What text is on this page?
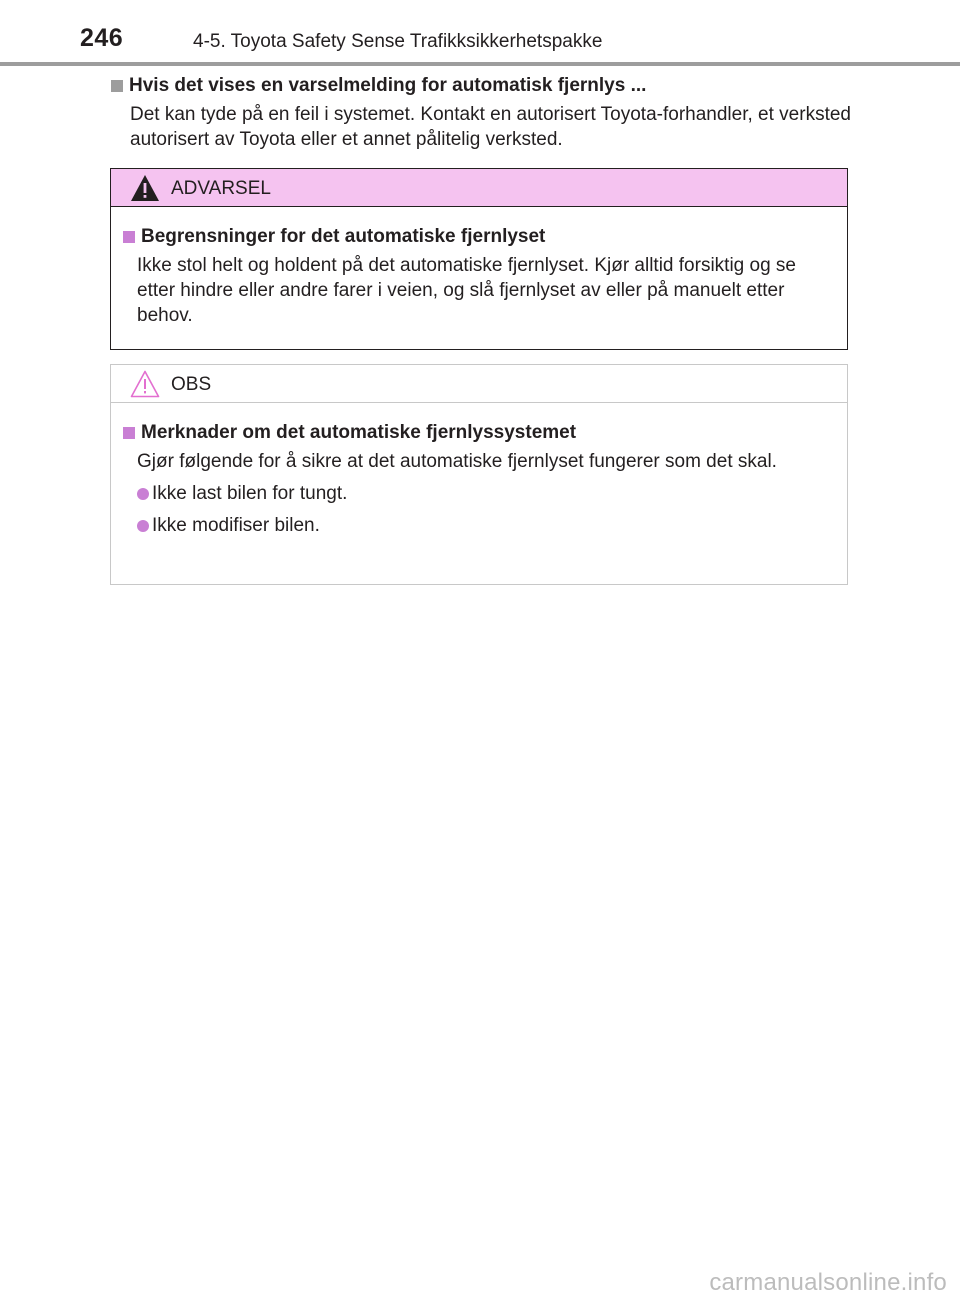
246	4-5. Toyota Safety Sense Trafikksikkerhetspakke
Hvis det vises en varselmelding for automatisk fjernlys ...
Det kan tyde på en feil i systemet. Kontakt en autorisert Toyota-forhandler, et verksted autorisert av Toyota eller et annet pålitelig verksted.
ADVARSEL
Begrensninger for det automatiske fjernlyset
Ikke stol helt og holdent på det automatiske fjernlyset. Kjør alltid forsiktig og se etter hindre eller andre farer i veien, og slå fjernlyset av eller på manuelt etter behov.
OBS
Merknader om det automatiske fjernlyssystemet
Gjør følgende for å sikre at det automatiske fjernlyset fungerer som det skal.
Ikke last bilen for tungt.
Ikke modifiser bilen.
carmanualsonline.info
